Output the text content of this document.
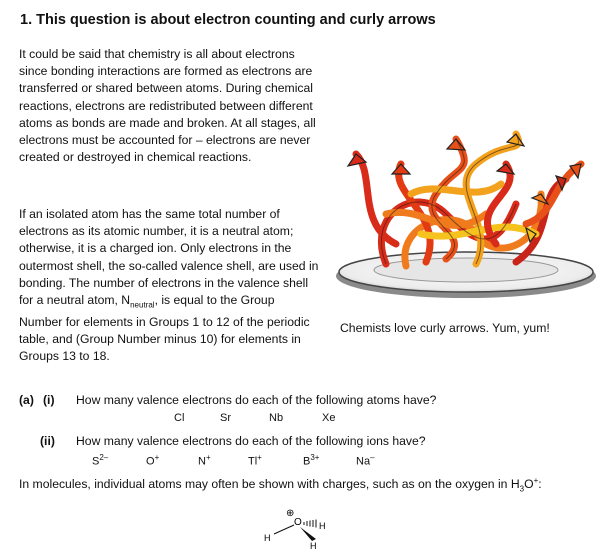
1. This question is about electron counting and curly arrows

It could be said that chemistry is all about electrons since bonding interactions are formed as electrons are transferred or shared between atoms. During chemical reactions, electrons are redistributed between different atoms as bonds are made and broken. At all stages, all electrons must be accounted for – electrons are never created or destroyed in chemical reactions.

If an isolated atom has the same total number of electrons as its atomic number, it is a neutral atom; otherwise, it is a charged ion. Only electrons in the outermost shell, the so-called valence shell, are used in bonding. The number of electrons in the valence shell for a neutral atom, $N_{neutral}$, is equal to the Group Number for elements in Groups 1 to 12 of the periodic table, and (Group Number minus 10) for elements in Groups 13 to 18.

Chemists love curly arrows. Yum, yum!
(a) (i) How many valence electrons do each of the following atoms have?
Cl	Sr	Nb	Xe
(ii) How many valence electrons do each of the following ions have?
$S^{2-}$	O+	N+	Tl+	$B^{3+}$	Na–
In molecules, individual atoms may often be shown with charges, such as on the oxygen in $H_3O^+$:
⊕
O
H
H
H
